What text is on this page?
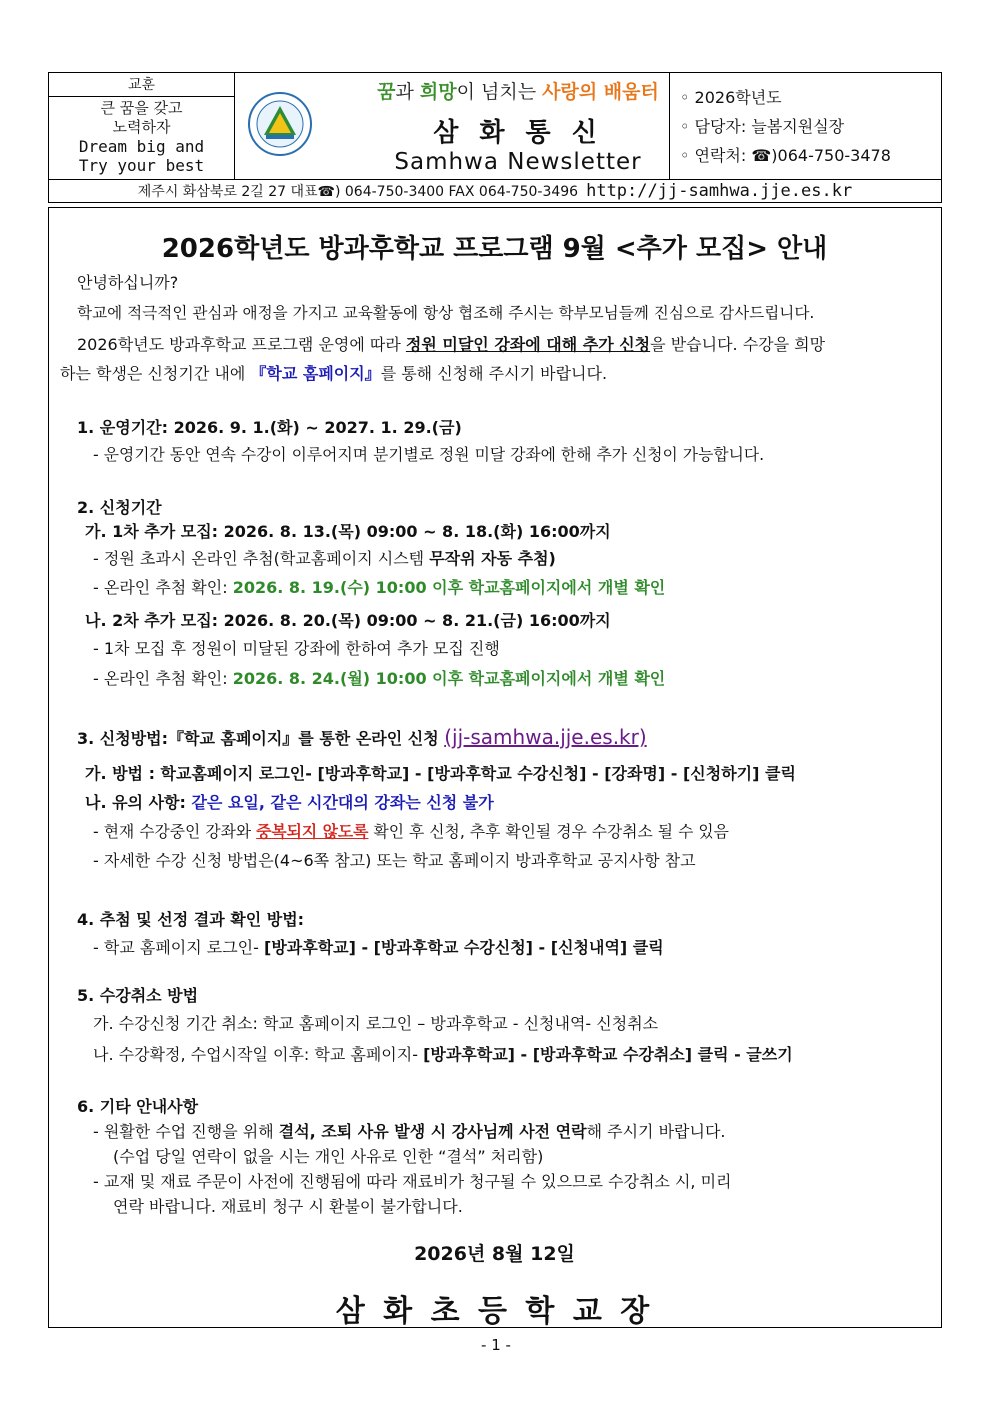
교훈
큰 꿈을 갖고
노력하자
Dream big and
Try your best
꿈과 희망이 넘치는 사랑의 배움터
삼 화 통 신
Samhwa Newsletter
◦ 2026학년도
◦ 담당자: 늘봄지원실장
◦ 연락처: ☎)064-750-3478
제주시 화삼북로 2길 27 대표☎) 064-750-3400 FAX 064-750-3496 http://jj-samhwa.jje.es.kr
2026학년도 방과후학교 프로그램 9월 <추가 모집> 안내
안녕하십니까?
학교에 적극적인 관심과 애정을 가지고 교육활동에 항상 협조해 주시는 학부모님들께 진심으로 감사드립니다.
2026학년도 방과후학교 프로그램 운영에 따라 정원 미달인 강좌에 대해 추가 신청을 받습니다. 수강을 희망
하는 학생은 신청기간 내에 『학교 홈페이지』를 통해 신청해 주시기 바랍니다.
1. 운영기간: 2026. 9. 1.(화) ~ 2027. 1. 29.(금)
- 운영기간 동안 연속 수강이 이루어지며 분기별로 정원 미달 강좌에 한해 추가 신청이 가능합니다.
2. 신청기간
가. 1차 추가 모집: 2026. 8. 13.(목) 09:00 ~ 8. 18.(화) 16:00까지
- 정원 초과시 온라인 추첨(학교홈페이지 시스템 무작위 자동 추첨)
- 온라인 추첨 확인: 2026. 8. 19.(수) 10:00 이후 학교홈페이지에서 개별 확인
나. 2차 추가 모집: 2026. 8. 20.(목) 09:00 ~ 8. 21.(금) 16:00까지
- 1차 모집 후 정원이 미달된 강좌에 한하여 추가 모집 진행
- 온라인 추첨 확인: 2026. 8. 24.(월) 10:00 이후 학교홈페이지에서 개별 확인
3. 신청방법:『학교 홈페이지』를 통한 온라인 신청 (jj-samhwa.jje.es.kr)
가. 방법 : 학교홈페이지 로그인- [방과후학교] - [방과후학교 수강신청] - [강좌명] - [신청하기] 클릭
나. 유의 사항: 같은 요일, 같은 시간대의 강좌는 신청 불가
- 현재 수강중인 강좌와 중복되지 않도록 확인 후 신청, 추후 확인될 경우 수강취소 될 수 있음
- 자세한 수강 신청 방법은(4~6쪽 참고) 또는 학교 홈페이지 방과후학교 공지사항 참고
4. 추첨 및 선정 결과 확인 방법:
- 학교 홈페이지 로그인- [방과후학교] - [방과후학교 수강신청] - [신청내역] 클릭
5. 수강취소 방법
가. 수강신청 기간 취소: 학교 홈페이지 로그인 – 방과후학교 - 신청내역- 신청취소
나. 수강확정, 수업시작일 이후: 학교 홈페이지- [방과후학교] - [방과후학교 수강취소] 클릭 - 글쓰기
6. 기타 안내사항
- 원활한 수업 진행을 위해 결석, 조퇴 사유 발생 시 강사님께 사전 연락해 주시기 바랍니다.
(수업 당일 연락이 없을 시는 개인 사유로 인한 “결석” 처리함)
- 교재 및 재료 주문이 사전에 진행됨에 따라 재료비가 청구될 수 있으므로 수강취소 시, 미리
연락 바랍니다. 재료비 청구 시 환불이 불가합니다.
2026년 8월 12일
삼 화 초 등 학 교 장
- 1 -
